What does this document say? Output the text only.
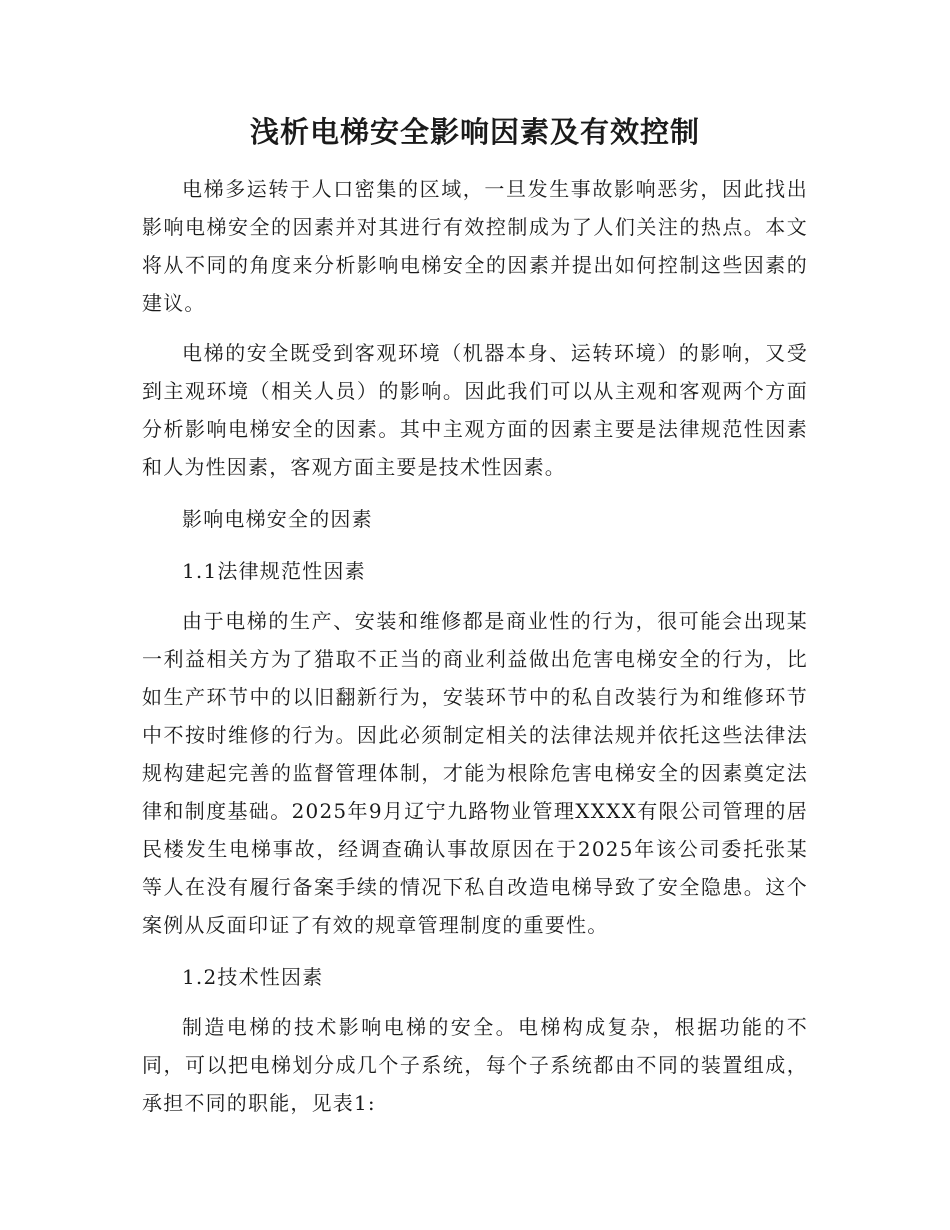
浅析电梯安全影响因素及有效控制

电梯多运转于人口密集的区域，一旦发生事故影响恶劣，因此找出影响电梯安全的因素并对其进行有效控制成为了人们关注的热点。本文将从不同的角度来分析影响电梯安全的因素并提出如何控制这些因素的建议。

电梯的安全既受到客观环境（机器本身、运转环境）的影响，又受到主观环境（相关人员）的影响。因此我们可以从主观和客观两个方面分析影响电梯安全的因素。其中主观方面的因素主要是法律规范性因素和人为性因素，客观方面主要是技术性因素。

影响电梯安全的因素

1.1法律规范性因素

由于电梯的生产、安装和维修都是商业性的行为，很可能会出现某一利益相关方为了猎取不正当的商业利益做出危害电梯安全的行为，比如生产环节中的以旧翻新行为，安装环节中的私自改装行为和维修环节中不按时维修的行为。因此必须制定相关的法律法规并依托这些法律法规构建起完善的监督管理体制，才能为根除危害电梯安全的因素奠定法律和制度基础。2025年9月辽宁九路物业管理XXXX有限公司管理的居民楼发生电梯事故，经调查确认事故原因在于2025年该公司委托张某等人在没有履行备案手续的情况下私自改造电梯导致了安全隐患。这个案例从反面印证了有效的规章管理制度的重要性。

1.2技术性因素

制造电梯的技术影响电梯的安全。电梯构成复杂，根据功能的不同，可以把电梯划分成几个子系统，每个子系统都由不同的装置组成，承担不同的职能，见表1:
